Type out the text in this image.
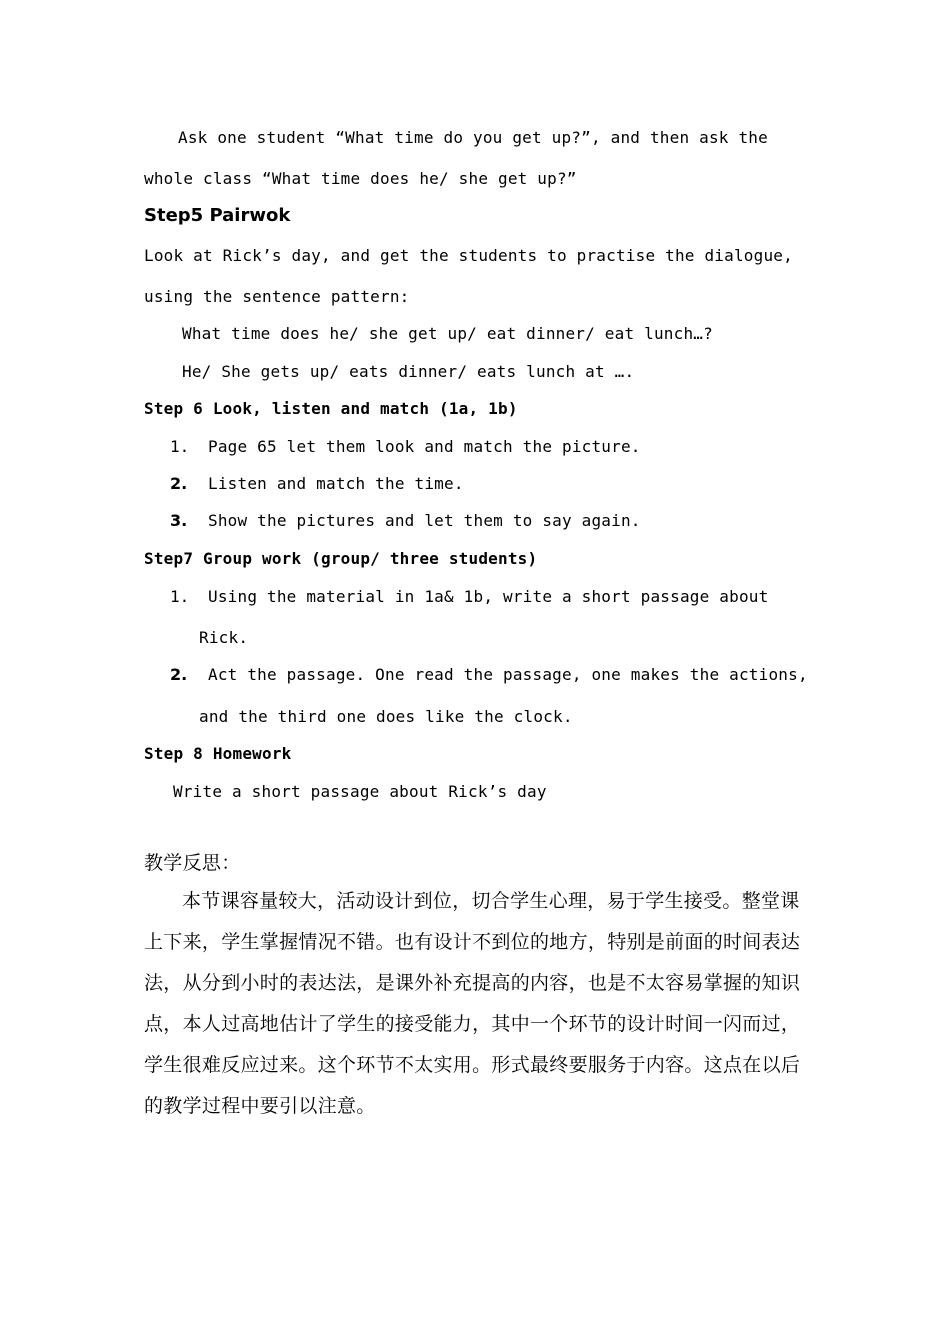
Ask one student “What time do you get up?”, and then ask the
whole class “What time does he/ she get up?”
Step5 Pairwok
Look at Rick’s day, and get the students to practise the dialogue,
using the sentence pattern:
What time does he/ she get up/ eat dinner/ eat lunch…?
He/ She gets up/ eats dinner/ eats lunch at ….
Step 6 Look, listen and match (1a, 1b)
1. Page 65 let them look and match the picture.
2. Listen and match the time.
3. Show the pictures and let them to say again.
Step7 Group work (group/ three students)
1. Using the material in 1a& 1b, write a short passage about
Rick.
2. Act the passage. One read the passage, one makes the actions,
and the third one does like the clock.
Step 8 Homework
Write a short passage about Rick’s day
教学反思：
本节课容量较大，活动设计到位，切合学生心理，易于学生接受。整堂课
上下来，学生掌握情况不错。也有设计不到位的地方，特别是前面的时间表达
法，从分到小时的表达法，是课外补充提高的内容，也是不太容易掌握的知识
点，本人过高地估计了学生的接受能力，其中一个环节的设计时间一闪而过，
学生很难反应过来。这个环节不太实用。形式最终要服务于内容。这点在以后
的教学过程中要引以注意。
